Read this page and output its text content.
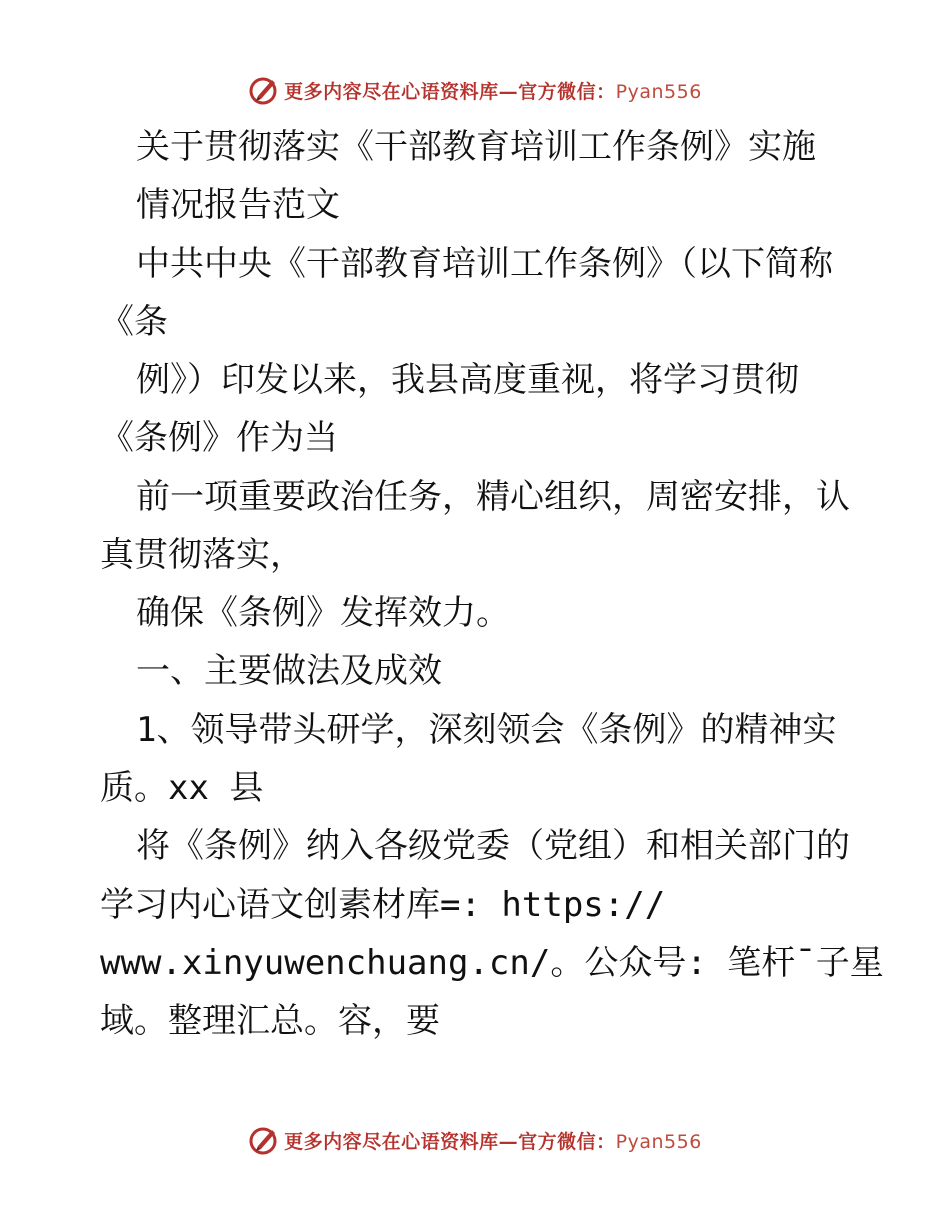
更多内容尽在心语资料库—官方微信：Pyan556
关于贯彻落实《干部教育培训工作条例》实施
情况报告范文
中共中央《干部教育培训工作条例》（以下简称
《条
例》）印发以来，我县高度重视，将学习贯彻
《条例》作为当
前一项重要政治任务，精心组织，周密安排，认
真贯彻落实，
确保《条例》发挥效力。
一、主要做法及成效
1、领导带头研学，深刻领会《条例》的精神实
质。xx 县
将《条例》纳入各级党委（党组）和相关部门的
学习内心语文创素材库=: https://
www.xinyuwenchuang.cn/。公众号: 笔杆¯子星
域。整理汇总。容，要
更多内容尽在心语资料库—官方微信：Pyan556
